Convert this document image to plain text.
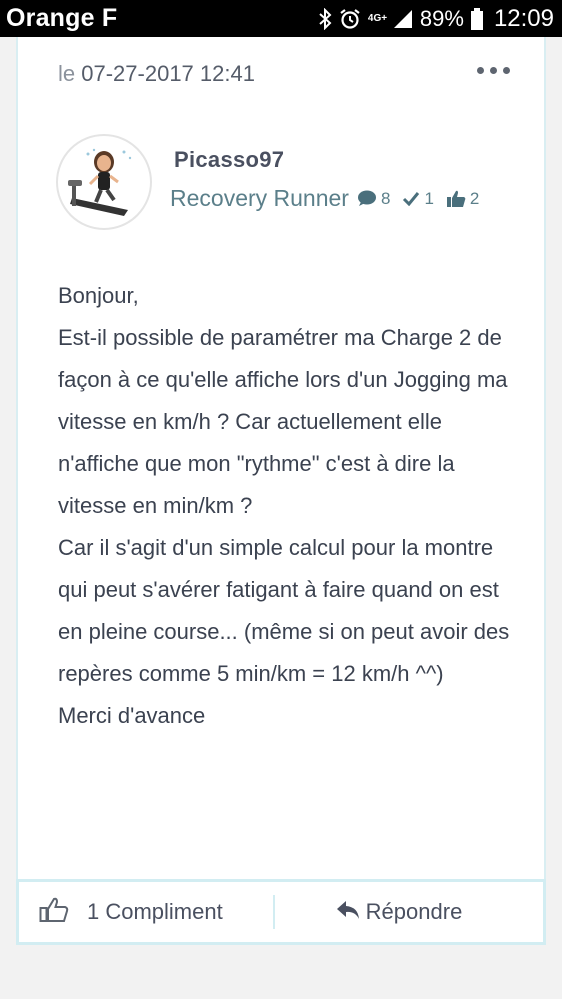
Orange F	4G+ 89% 12:09
le 07-27-2017 12:41
Picasso97
Recovery Runner 8 1 2

Bonjour,

Est-il possible de paramétrer ma Charge 2 de façon à ce qu'elle affiche lors d'un Jogging ma vitesse en km/h ? Car actuellement elle n'affiche que mon "rythme" c'est à dire la vitesse en min/km ?

Car il s'agit d'un simple calcul pour la montre qui peut s'avérer fatigant à faire quand on est en pleine course... (même si on peut avoir des repères comme 5 min/km = 12 km/h ^^)

Merci d'avance

1 Compliment	Répondre
